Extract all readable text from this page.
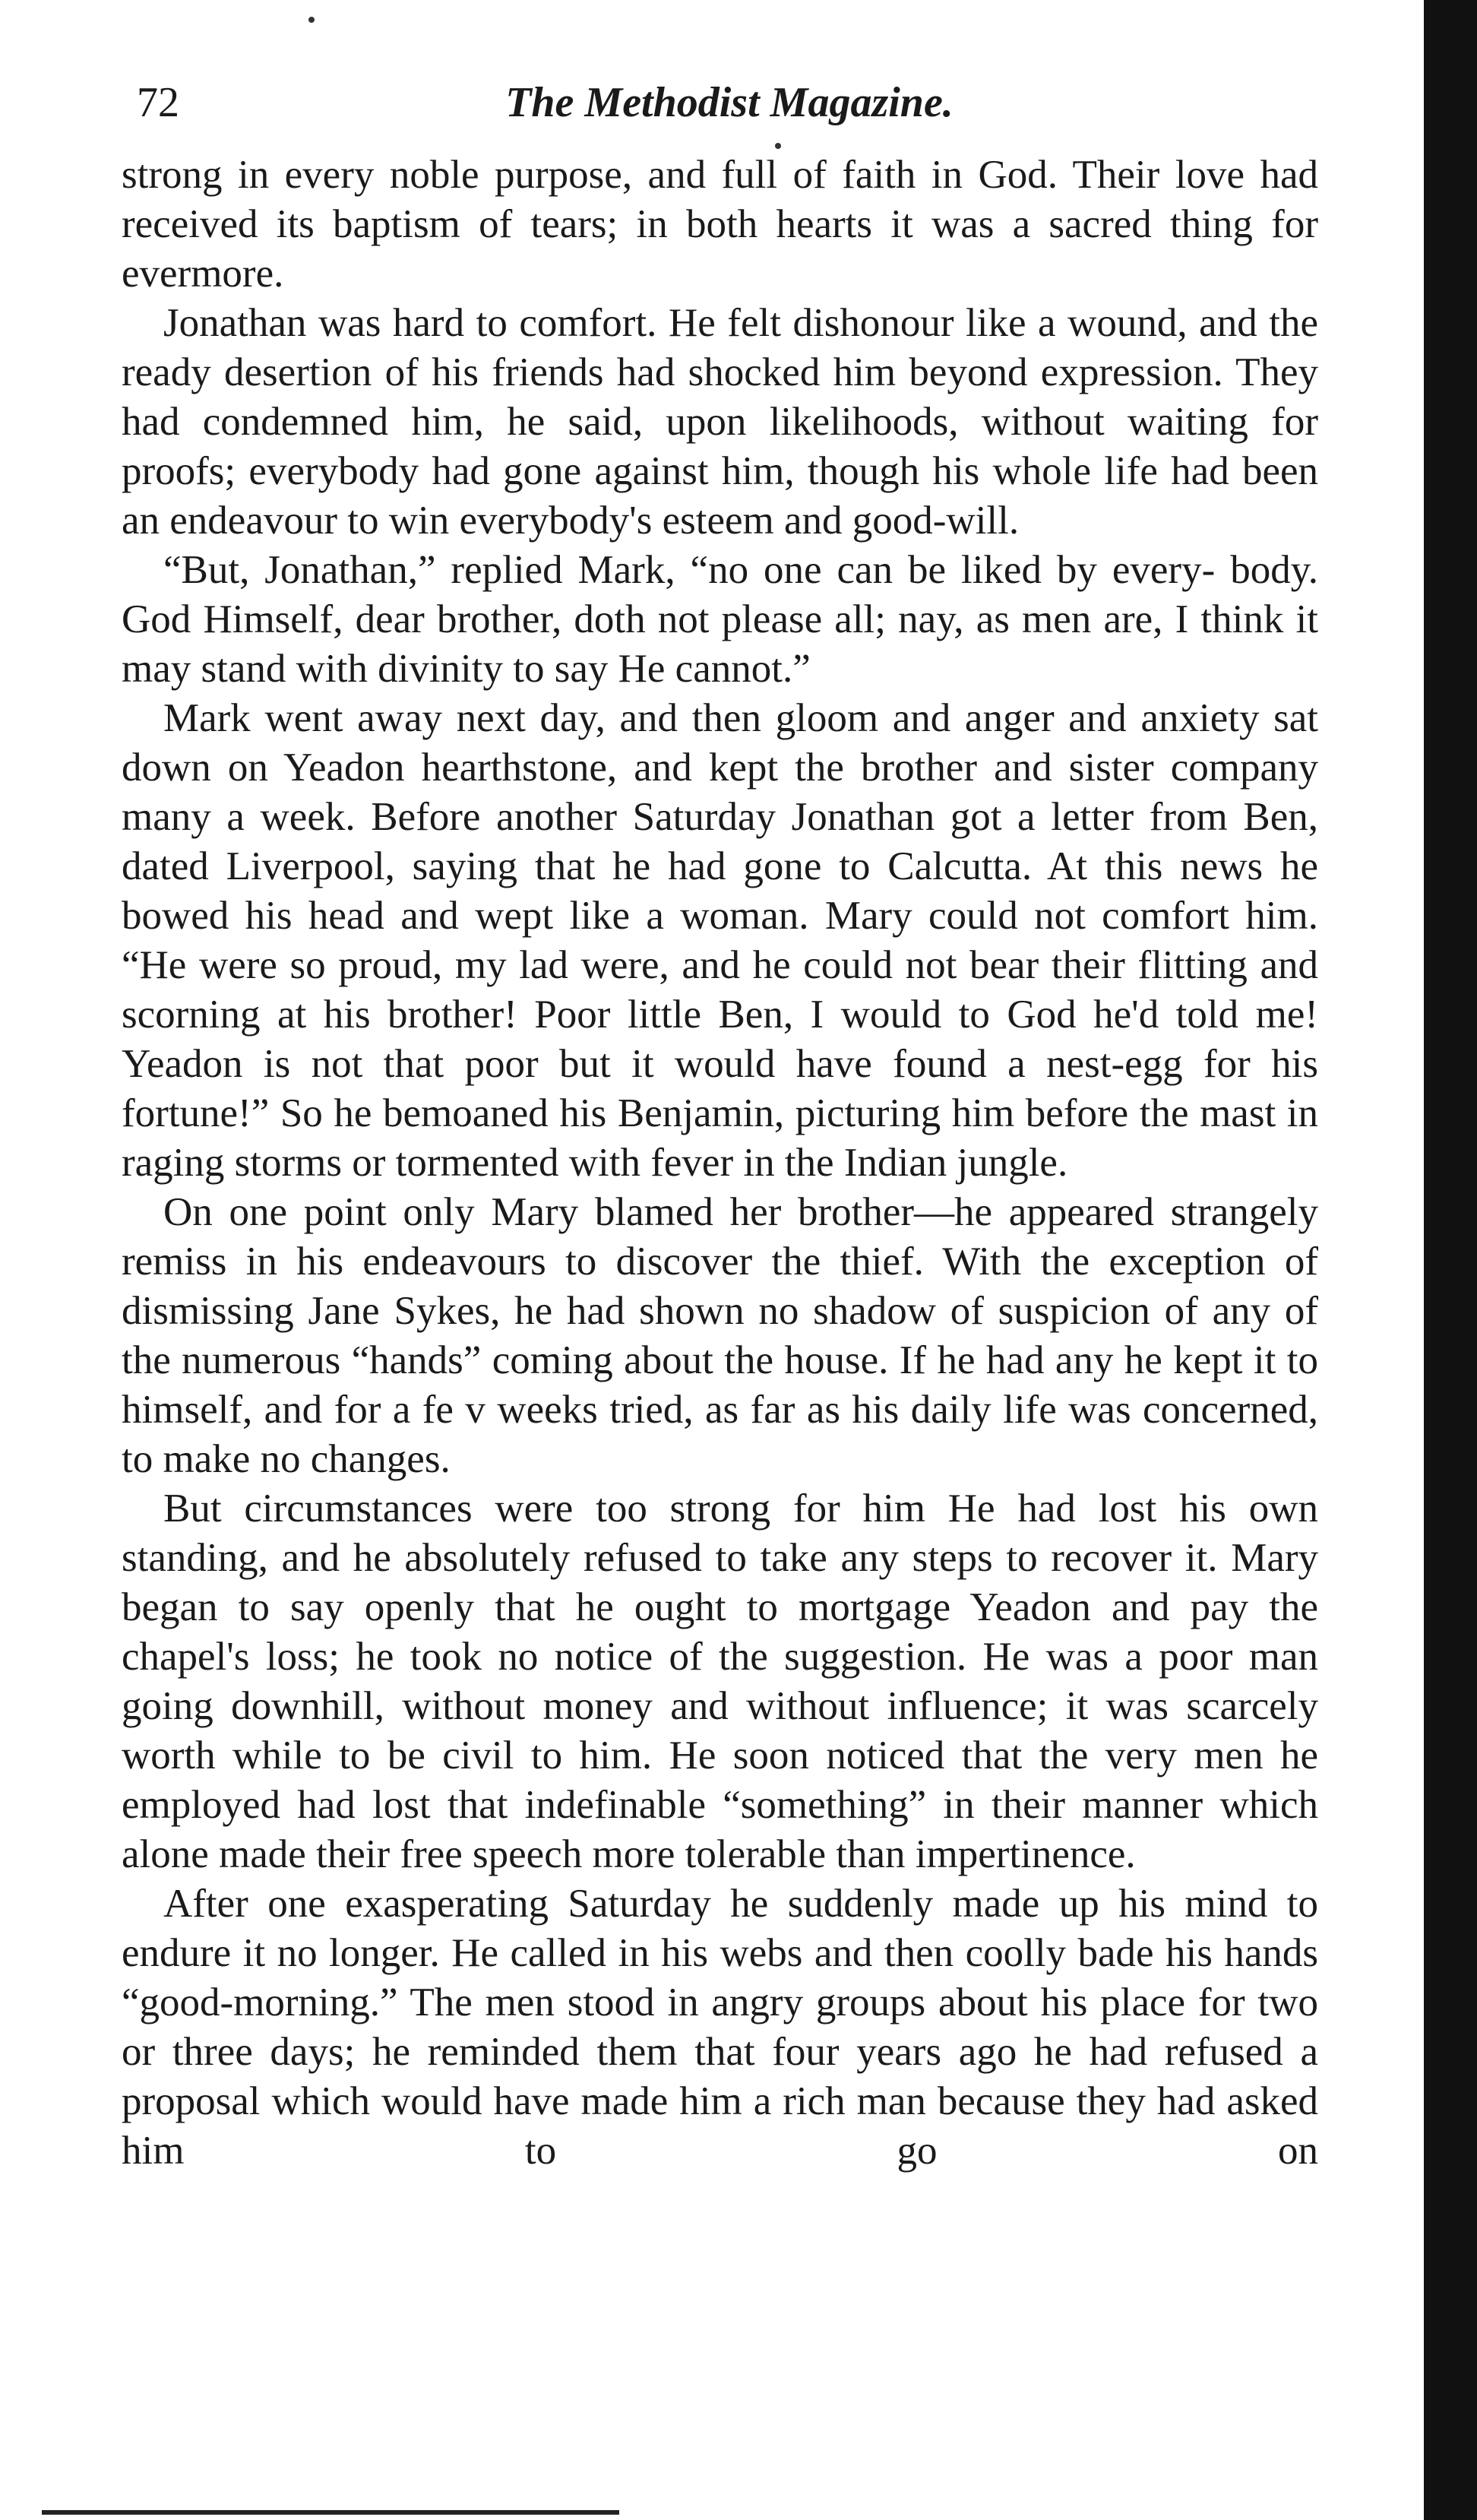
72	The Methodist Magazine.

strong in every noble purpose, and full of faith in God. Their love had received its baptism of tears; in both hearts it was a sacred thing for evermore.

Jonathan was hard to comfort. He felt dishonour like a wound, and the ready desertion of his friends had shocked him beyond expression. They had condemned him, he said, upon likelihoods, without waiting for proofs; everybody had gone against him, though his whole life had been an endeavour to win everybody's esteem and good-will.

“But, Jonathan,” replied Mark, “no one can be liked by every- body. God Himself, dear brother, doth not please all; nay, as men are, I think it may stand with divinity to say He cannot.”

Mark went away next day, and then gloom and anger and anxiety sat down on Yeadon hearthstone, and kept the brother and sister company many a week. Before another Saturday Jonathan got a letter from Ben, dated Liverpool, saying that he had gone to Calcutta. At this news he bowed his head and wept like a woman. Mary could not comfort him. “He were so proud, my lad were, and he could not bear their flitting and scorning at his brother! Poor little Ben, I would to God he'd told me! Yeadon is not that poor but it would have found a nest-egg for his fortune!” So he bemoaned his Benjamin, picturing him before the mast in raging storms or tormented with fever in the Indian jungle.

On one point only Mary blamed her brother—he appeared strangely remiss in his endeavours to discover the thief. With the exception of dismissing Jane Sykes, he had shown no shadow of suspicion of any of the numerous “hands” coming about the house. If he had any he kept it to himself, and for a fe v weeks tried, as far as his daily life was concerned, to make no changes.

But circumstances were too strong for him He had lost his own standing, and he absolutely refused to take any steps to recover it. Mary began to say openly that he ought to mortgage Yeadon and pay the chapel's loss; he took no notice of the suggestion. He was a poor man going downhill, without money and without influence; it was scarcely worth while to be civil to him. He soon noticed that the very men he employed had lost that indefinable “something” in their manner which alone made their free speech more tolerable than impertinence.

After one exasperating Saturday he suddenly made up his mind to endure it no longer. He called in his webs and then coolly bade his hands “good-morning.” The men stood in angry groups about his place for two or three days; he reminded them that four years ago he had refused a proposal which would have made him a rich man because they had asked him to go on
